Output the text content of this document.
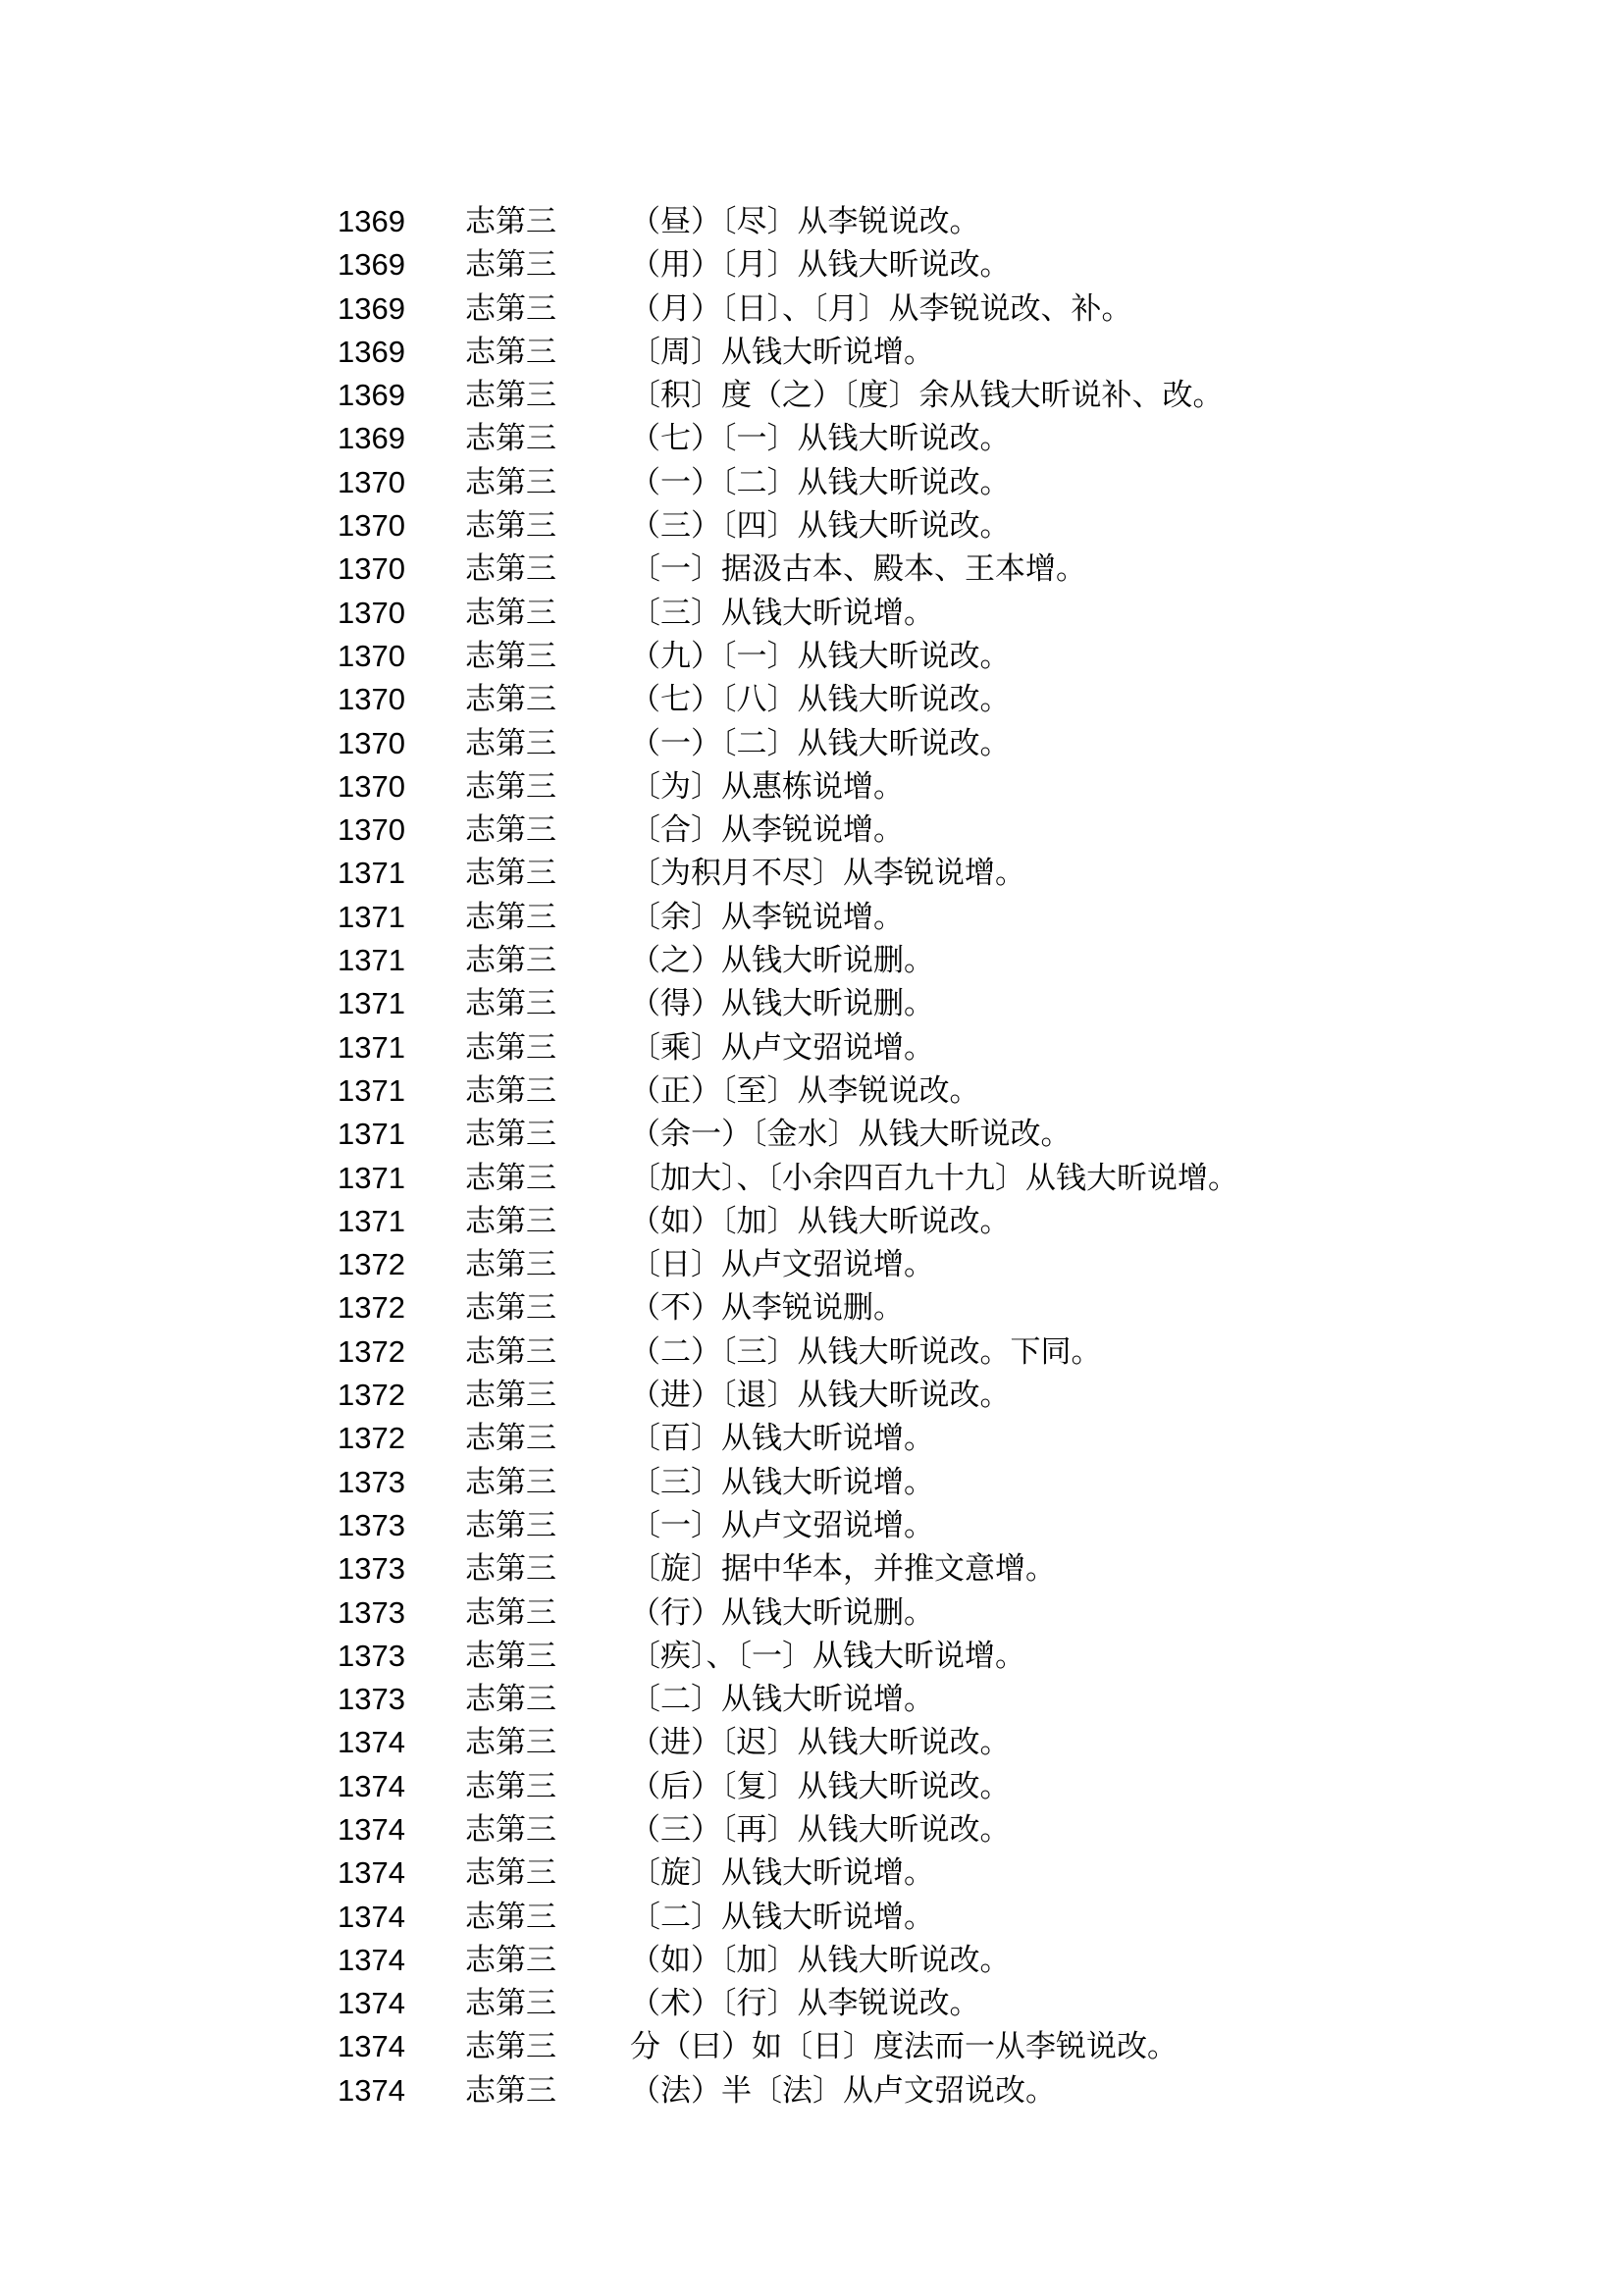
1369 志第三 （昼）〔尽〕从李锐说改。
1369 志第三 （用）〔月〕从钱大昕说改。
1369 志第三 （月）〔日〕、〔月〕从李锐说改、补。
1369 志第三 〔周〕从钱大昕说增。
1369 志第三 〔积〕度（之）〔度〕余从钱大昕说补、改。
1369 志第三 （七）〔一〕从钱大昕说改。
1370 志第三 （一）〔二〕从钱大昕说改。
1370 志第三 （三）〔四〕从钱大昕说改。
1370 志第三 〔一〕据汲古本、殿本、王本增。
1370 志第三 〔三〕从钱大昕说增。
1370 志第三 （九）〔一〕从钱大昕说改。
1370 志第三 （七）〔八〕从钱大昕说改。
1370 志第三 （一）〔二〕从钱大昕说改。
1370 志第三 〔为〕从惠栋说增。
1370 志第三 〔合〕从李锐说增。
1371 志第三 〔为积月不尽〕从李锐说增。
1371 志第三 〔余〕从李锐说增。
1371 志第三 （之）从钱大昕说删。
1371 志第三 （得）从钱大昕说删。
1371 志第三 〔乘〕从卢文弨说增。
1371 志第三 （正）〔至〕从李锐说改。
1371 志第三 （余一）〔金水〕从钱大昕说改。
1371 志第三 〔加大〕、〔小余四百九十九〕从钱大昕说增。
1371 志第三 （如）〔加〕从钱大昕说改。
1372 志第三 〔日〕从卢文弨说增。
1372 志第三 （不）从李锐说删。
1372 志第三 （二）〔三〕从钱大昕说改。下同。
1372 志第三 （进）〔退〕从钱大昕说改。
1372 志第三 〔百〕从钱大昕说增。
1373 志第三 〔三〕从钱大昕说增。
1373 志第三 〔一〕从卢文弨说增。
1373 志第三 〔旋〕据中华本，并推文意增。
1373 志第三 （行）从钱大昕说删。
1373 志第三 〔疾〕、〔一〕从钱大昕说增。
1373 志第三 〔二〕从钱大昕说增。
1374 志第三 （进）〔迟〕从钱大昕说改。
1374 志第三 （后）〔复〕从钱大昕说改。
1374 志第三 （三）〔再〕从钱大昕说改。
1374 志第三 〔旋〕从钱大昕说增。
1374 志第三 〔二〕从钱大昕说增。
1374 志第三 （如）〔加〕从钱大昕说改。
1374 志第三 （术）〔行〕从李锐说改。
1374 志第三 分（曰）如〔日〕度法而一从李锐说改。
1374 志第三 （法）半〔法〕从卢文弨说改。
